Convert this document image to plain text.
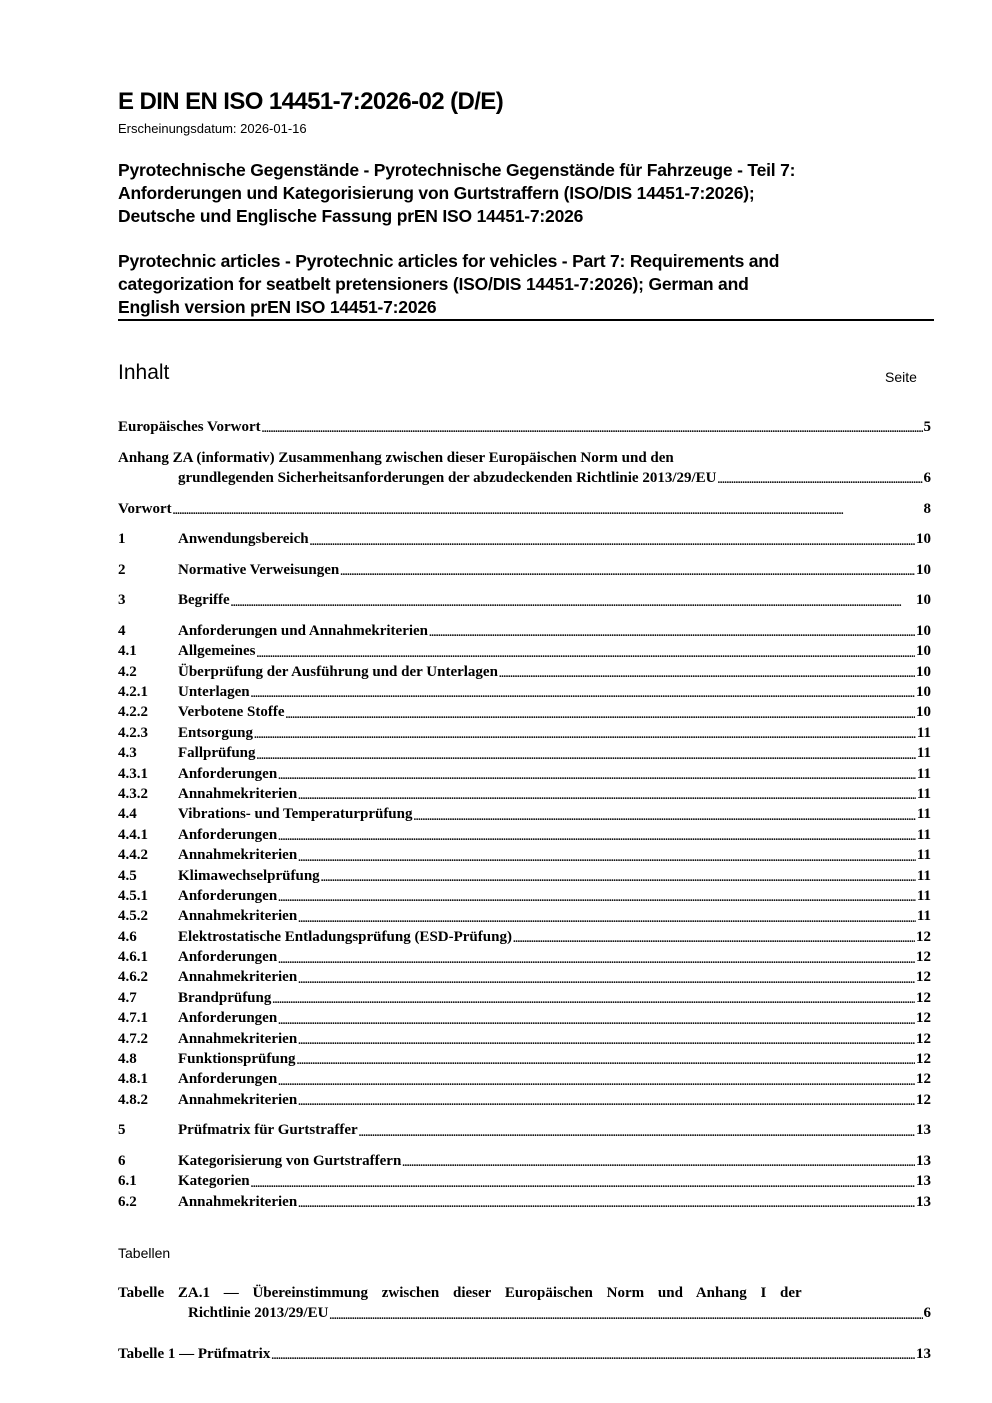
E DIN EN ISO 14451-7:2026-02 (D/E)
Erscheinungsdatum: 2026-01-16
Pyrotechnische Gegenstände - Pyrotechnische Gegenstände für Fahrzeuge - Teil 7:
Anforderungen und Kategorisierung von Gurtstraffern (ISO/DIS 14451-7:2026);
Deutsche und Englische Fassung prEN ISO 14451-7:2026
Pyrotechnic articles - Pyrotechnic articles for vehicles - Part 7: Requirements and
categorization for seatbelt pretensioners (ISO/DIS 14451-7:2026); German and
English version prEN ISO 14451-7:2026
Inhalt	Seite
Europäisches Vorwort .....	5
Anhang ZA (informativ) Zusammenhang zwischen dieser Europäischen Norm und den
grundlegenden Sicherheitsanforderungen der abzudeckenden Richtlinie 2013/29/EU .....	6
Vorwort .....	8
1	Anwendungsbereich .....	10
2	Normative Verweisungen .....	10
3	Begriffe .....	10
4	Anforderungen und Annahmekriterien .....	10
4.1	Allgemeines .....	10
4.2	Überprüfung der Ausführung und der Unterlagen .....	10
4.2.1	Unterlagen .....	10
4.2.2	Verbotene Stoffe .....	10
4.2.3	Entsorgung .....	11
4.3	Fallprüfung .....	11
4.3.1	Anforderungen .....	11
4.3.2	Annahmekriterien .....	11
4.4	Vibrations- und Temperaturprüfung .....	11
4.4.1	Anforderungen .....	11
4.4.2	Annahmekriterien .....	11
4.5	Klimawechselprüfung .....	11
4.5.1	Anforderungen .....	11
4.5.2	Annahmekriterien .....	11
4.6	Elektrostatische Entladungsprüfung (ESD-Prüfung) .....	12
4.6.1	Anforderungen .....	12
4.6.2	Annahmekriterien .....	12
4.7	Brandprüfung .....	12
4.7.1	Anforderungen .....	12
4.7.2	Annahmekriterien .....	12
4.8	Funktionsprüfung .....	12
4.8.1	Anforderungen .....	12
4.8.2	Annahmekriterien .....	12
5	Prüfmatrix für Gurtstraffer .....	13
6	Kategorisierung von Gurtstraffern .....	13
6.1	Kategorien .....	13
6.2	Annahmekriterien .....	13
Tabellen
Tabelle ZA.1 — Übereinstimmung zwischen dieser Europäischen Norm und Anhang I der
Richtlinie 2013/29/EU .....	6
Tabelle 1 — Prüfmatrix .....	13
